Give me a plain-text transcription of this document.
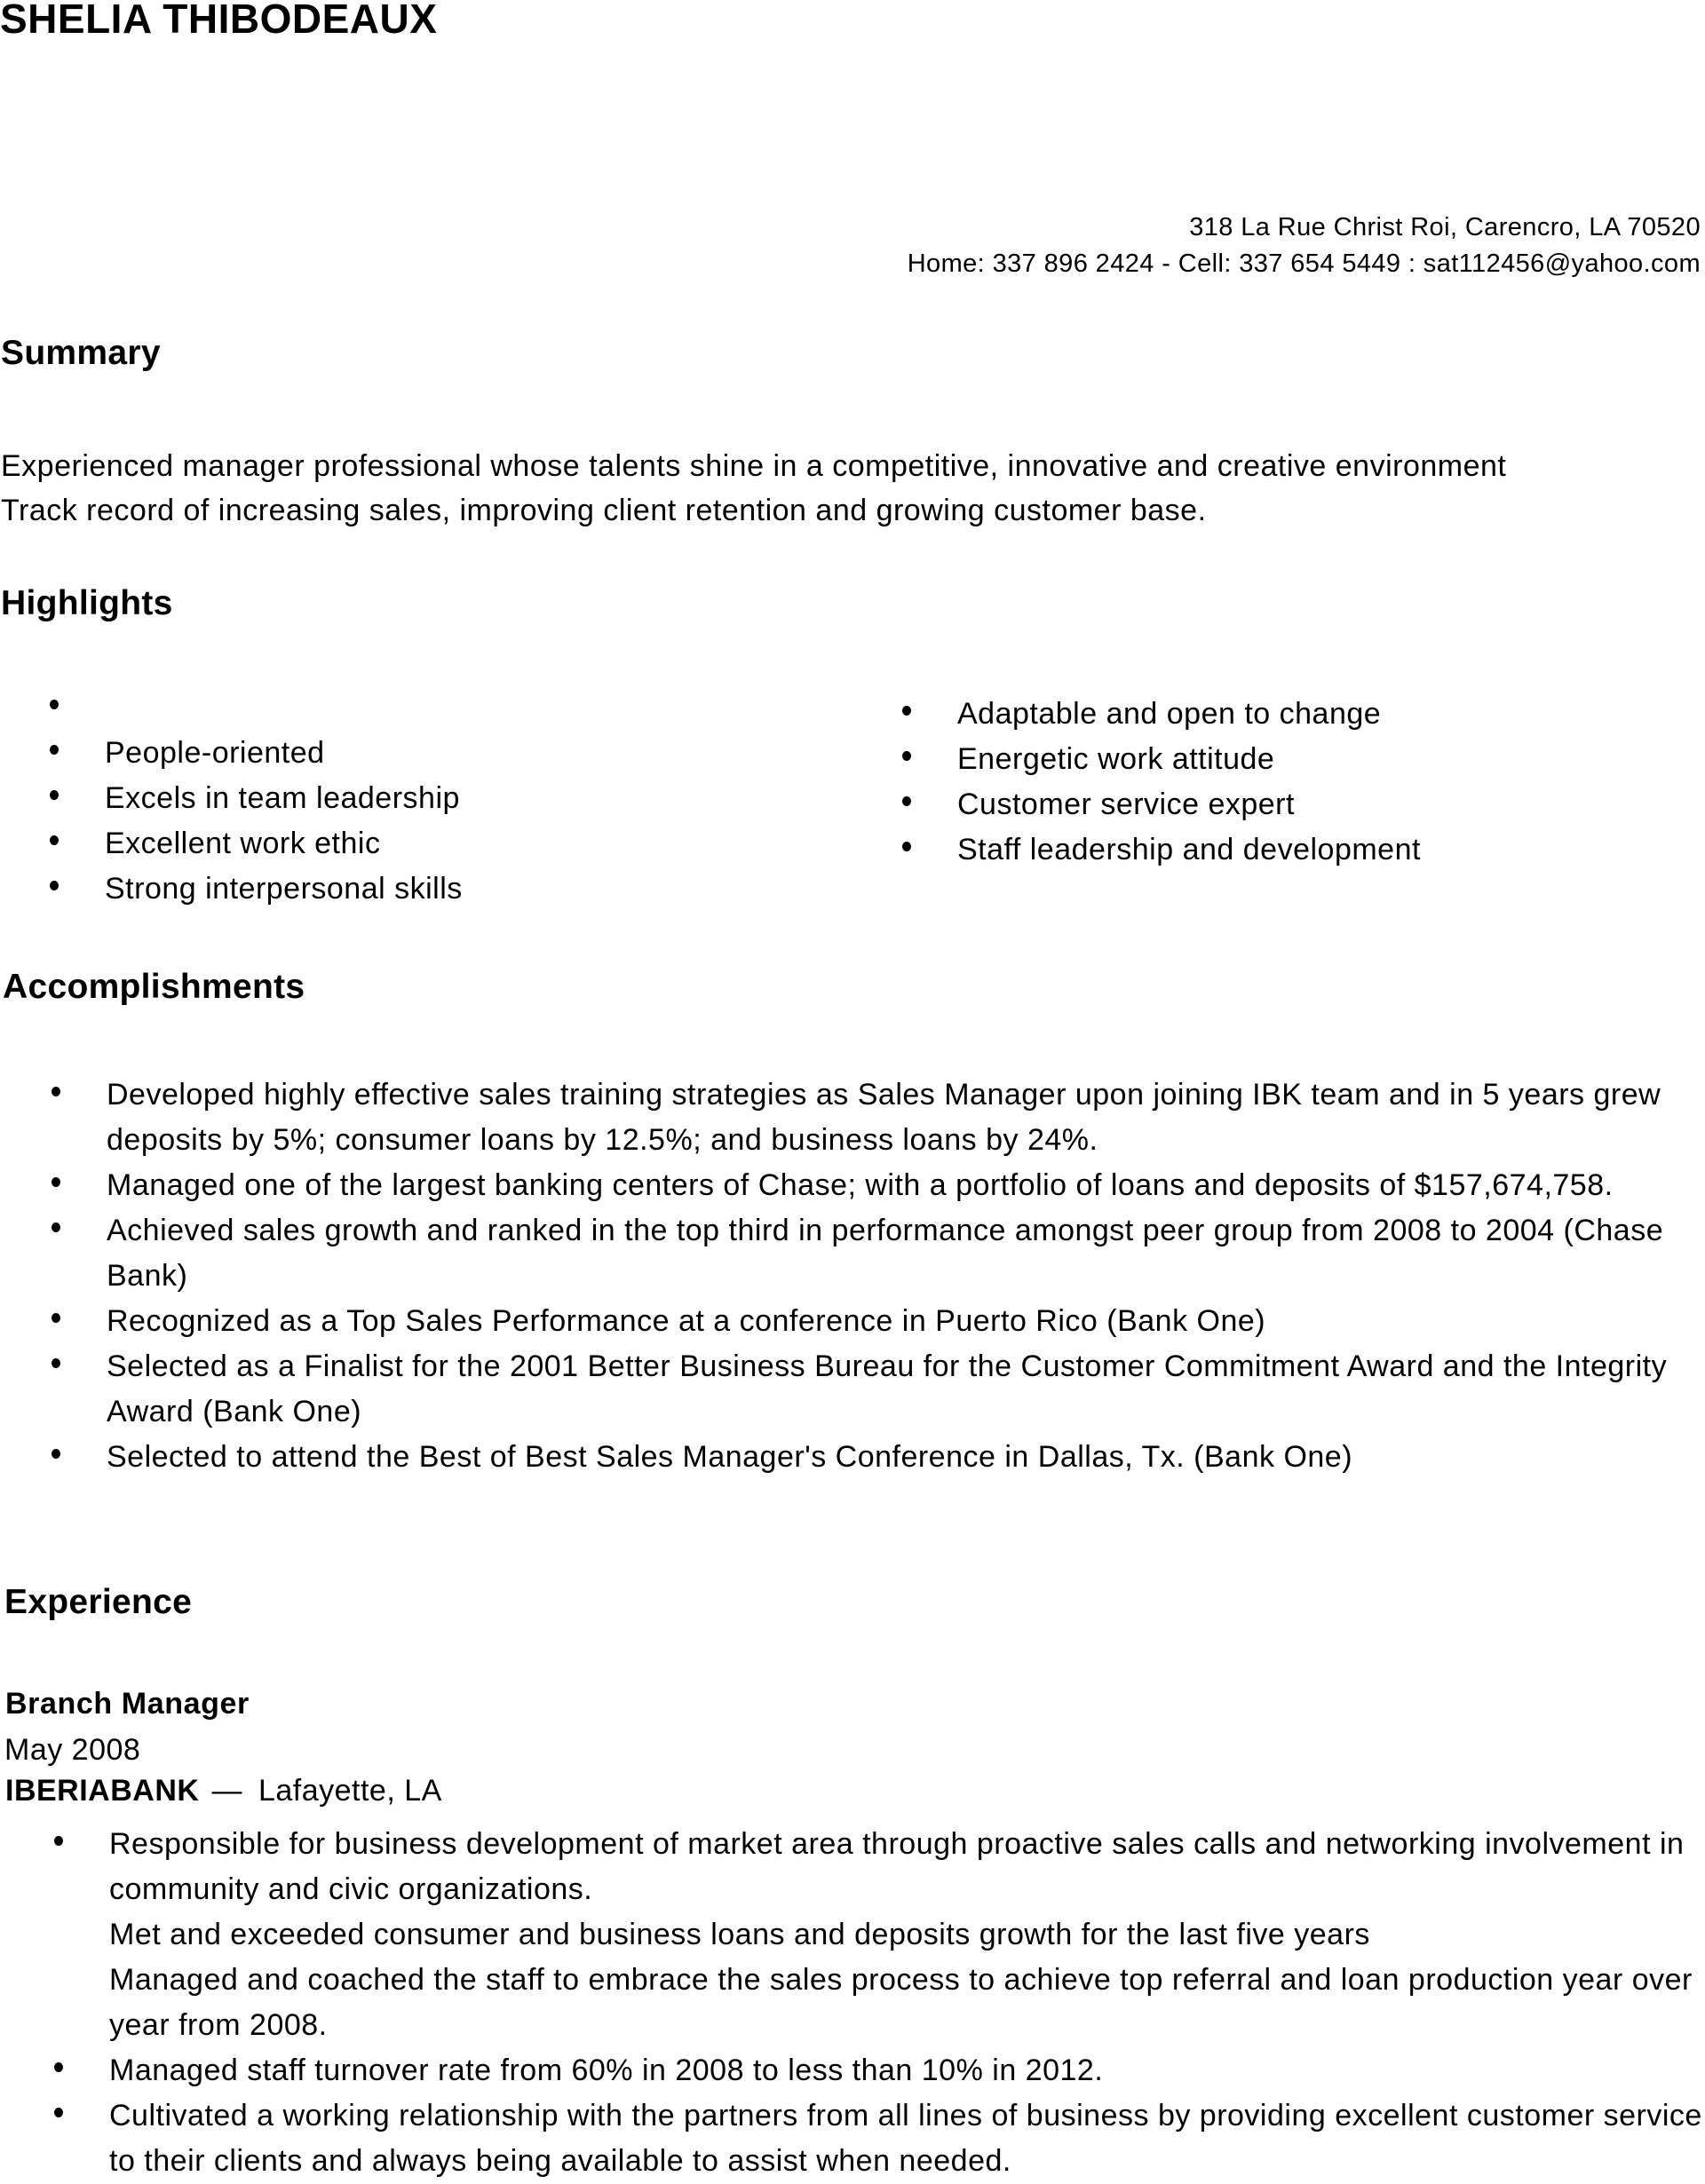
SHELIA THIBODEAUX
318 La Rue Christ Roi, Carencro, LA 70520
Home: 337 896 2424 - Cell: 337 654 5449 : sat112456@yahoo.com
Summary
Experienced manager professional whose talents shine in a competitive, innovative and creative environment
Track record of increasing sales, improving client retention and growing customer base.
Highlights
People-oriented
Excels in team leadership
Excellent work ethic
Strong interpersonal skills
Adaptable and open to change
Energetic work attitude
Customer service expert
Staff leadership and development
Accomplishments
Developed highly effective sales training strategies as Sales Manager upon joining IBK team and in 5 years grew deposits by 5%; consumer loans by 12.5%; and business loans by 24%.
Managed one of the largest banking centers of Chase; with a portfolio of loans and deposits of $157,674,758.
Achieved sales growth and ranked in the top third in performance amongst peer group from 2008 to 2004 (Chase Bank)
Recognized as a Top Sales Performance at a conference in Puerto Rico (Bank One)
Selected as a Finalist for the 2001 Better Business Bureau for the Customer Commitment Award and the Integrity Award (Bank One)
Selected to attend the Best of Best Sales Manager's Conference in Dallas, Tx. (Bank One)
Experience
Branch Manager
May 2008
IBERIABANK — Lafayette, LA
Responsible for business development of market area through proactive sales calls and networking involvement in community and civic organizations.
Met and exceeded consumer and business loans and deposits growth for the last five years
Managed and coached the staff to embrace the sales process to achieve top referral and loan production year over year from 2008.
Managed staff turnover rate from 60% in 2008 to less than 10% in 2012.
Cultivated a working relationship with the partners from all lines of business by providing excellent customer service to their clients and always being available to assist when needed.
